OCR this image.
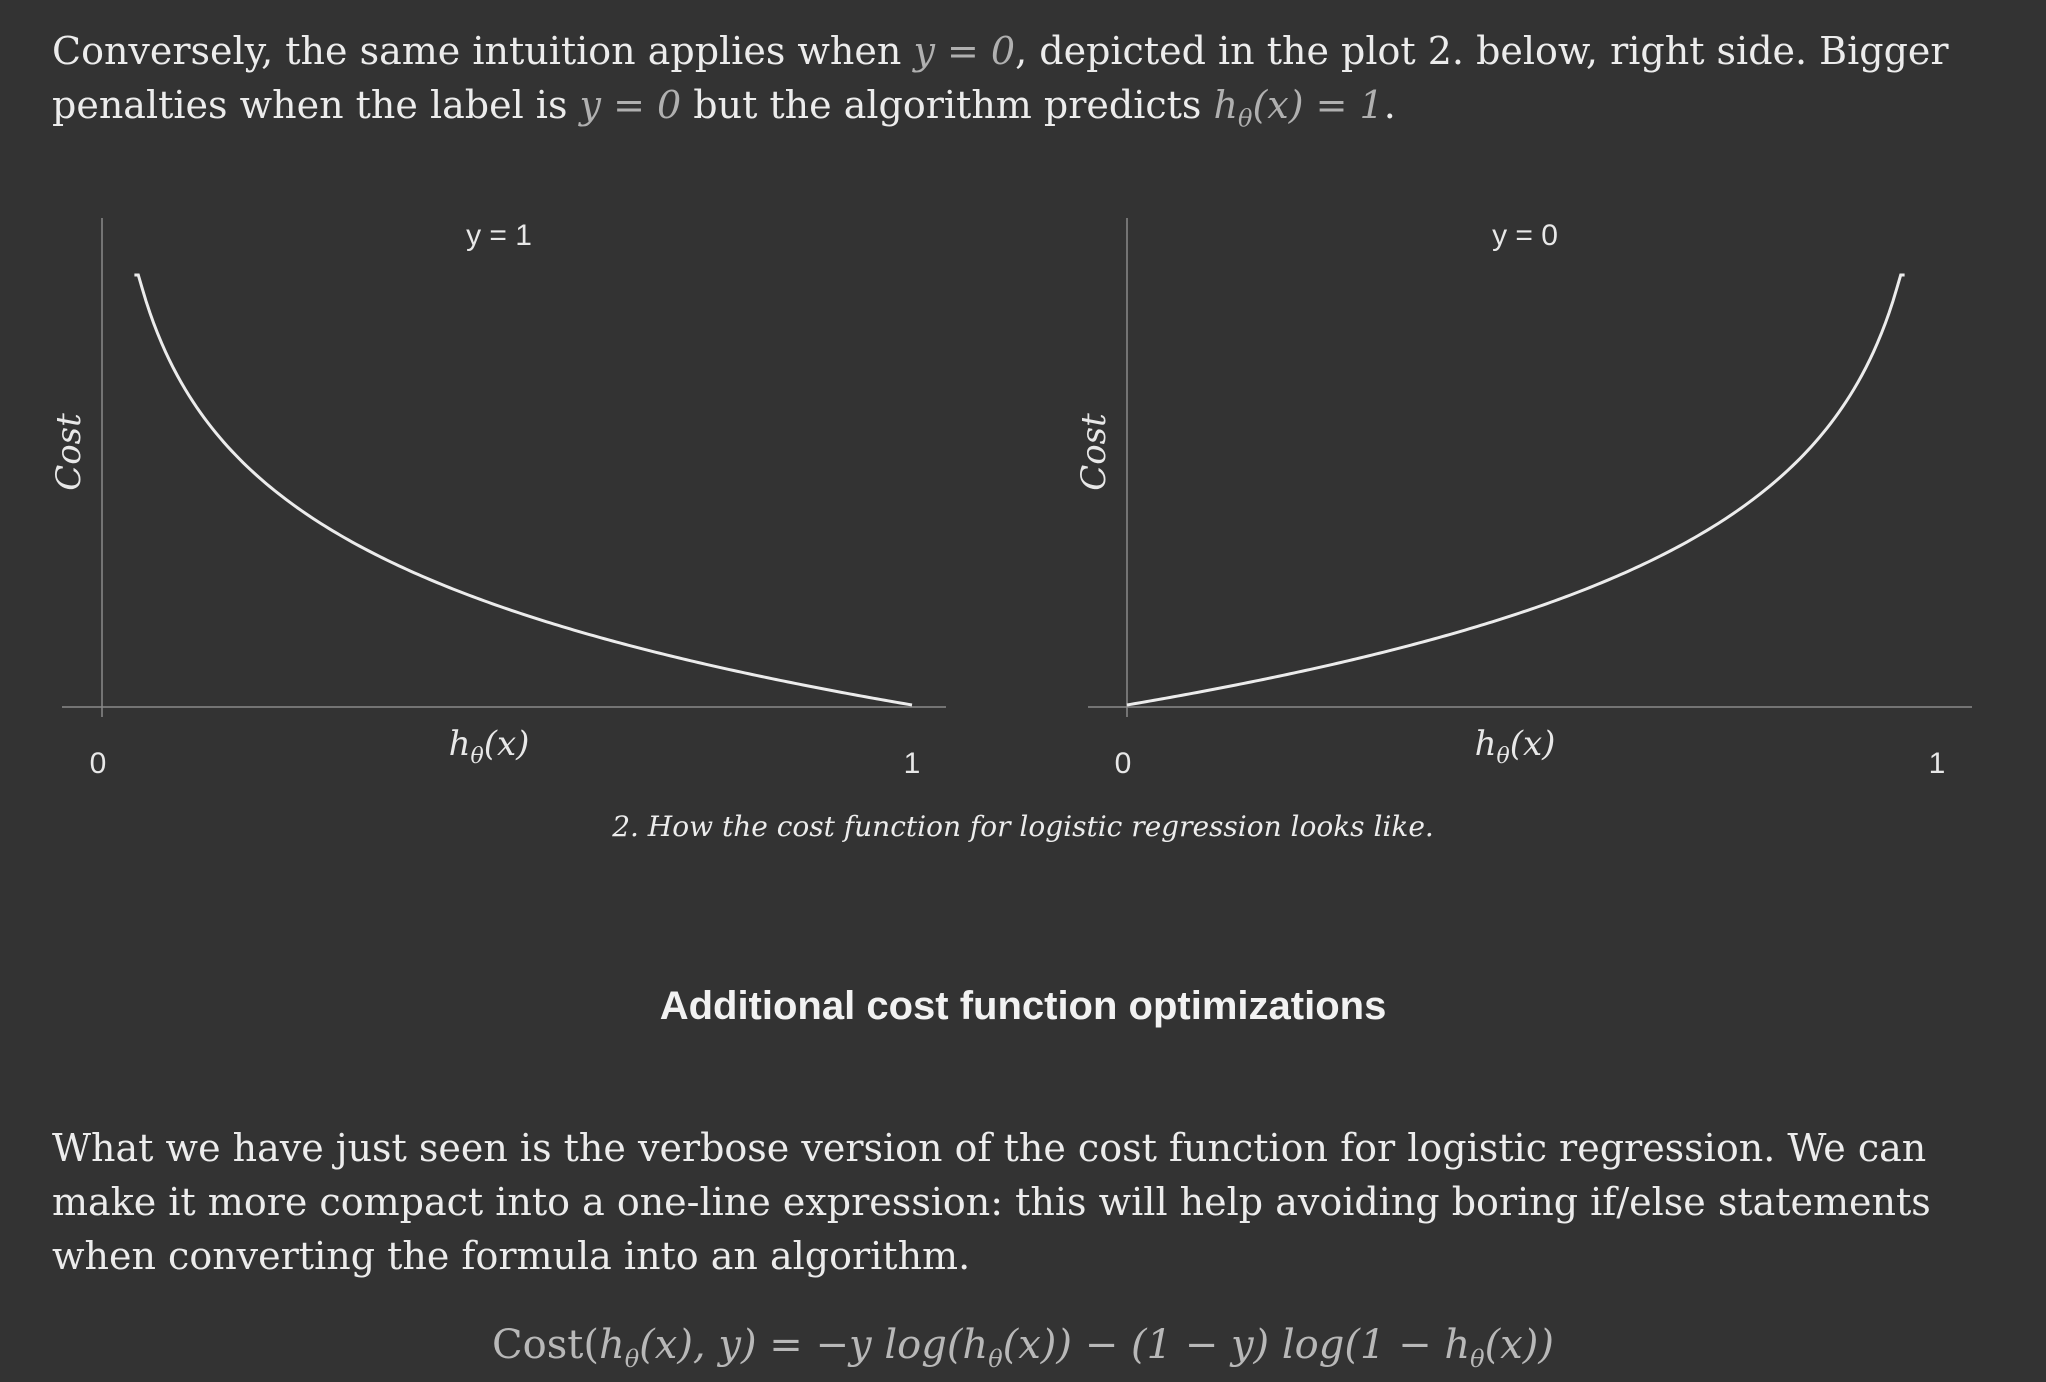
Conversely, the same intuition applies when y = 0, depicted in the plot 2. below, right side. Bigger penalties when the label is y = 0 but the algorithm predicts $h_\theta(x) = 1$.

y = 1
0	1
$h_\theta(x)$
Cost
y = 0
0	1
$h_\theta(x)$
Cost
2. How the cost function for logistic regression looks like.
Additional cost function optimizations

What we have just seen is the verbose version of the cost function for logistic regression. We can make it more compact into a one-line expression: this will help avoiding boring if/else statements when converting the formula into an algorithm.

$Cost(h_\theta(x)$, y) = −y $\log(h_\theta(x)) - (1 - y) \log(1 - h_\theta(x))$
